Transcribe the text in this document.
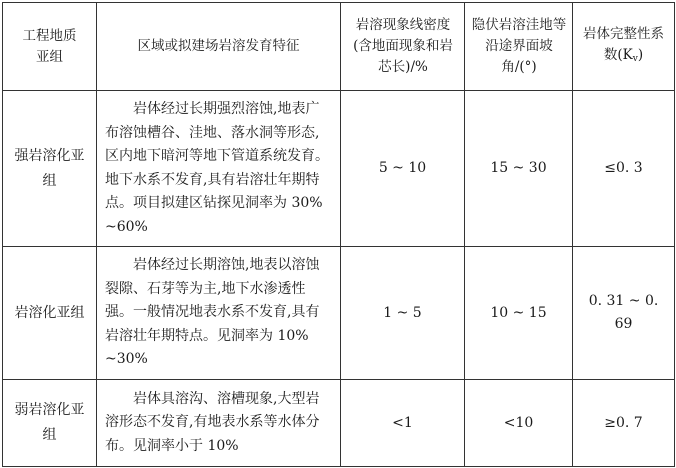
工程地质亚组	区域或拟建场岩溶发育特征	岩溶现象线密度(含地面现象和岩芯长)/%	隐伏岩溶洼地等沿途界面坡角/(°)	岩体完整性系数$(K_v)$
强岩溶化亚组	岩体经过长期强烈溶蚀,地表广布溶蚀槽谷、洼地、落水洞等形态,区内地下暗河等地下管道系统发育。地下水系不发育,具有岩溶壮年期特点。项目拟建区钻探见洞率为 30% ~60%	5 ~ 10	15 ~ 30	≤0. 3
岩溶化亚组	岩体经过长期溶蚀,地表以溶蚀裂隙、石芽等为主,地下水渗透性强。一般情况地表水系不发育,具有岩溶壮年期特点。见洞率为 10% ~30%	1 ~ 5	10 ~ 15	0. 31 ~ 0. 69
弱岩溶化亚组	岩体具溶沟、溶槽现象,大型岩溶形态不发育,有地表水系等水体分布。见洞率小于 10%	<1	<10	≥0. 7
